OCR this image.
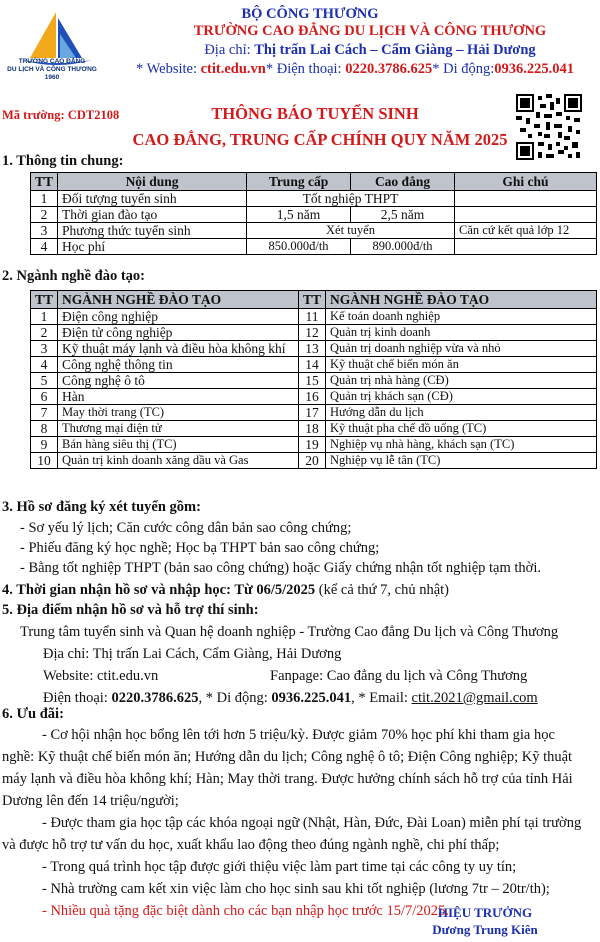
TRƯỜNG CAO ĐẲNG
DU LỊCH VÀ CÔNG THƯƠNG
1960
BỘ CÔNG THƯƠNG
TRƯỜNG CAO ĐẲNG DU LỊCH VÀ CÔNG THƯƠNG
Địa chỉ: Thị trấn Lai Cách – Cẩm Giàng – Hải Dương
* Website: ctit.edu.vn* Điện thoại: 0220.3786.625* Di động:0936.225.041
Mã trường: CDT2108	THÔNG BÁO TUYỂN SINH
CAO ĐẲNG, TRUNG CẤP CHÍNH QUY NĂM 2025
1. Thông tin chung:
TT	Nội dung	Trung cấp	Cao đẳng	Ghi chú
1	Đối tượng tuyển sinh	Tốt nghiệp THPT		
2	Thời gian đào tạo	1,5 năm	2,5 năm	
3	Phương thức tuyển sinh	Xét tuyển		Căn cứ kết quả lớp 12
4	Học phí	850.000đ/th	890.000đ/th	
2. Ngành nghề đào tạo:
TT	NGÀNH NGHỀ ĐÀO TẠO	TT	NGÀNH NGHỀ ĐÀO TẠO
1	Điện công nghiệp	11	Kế toán doanh nghiệp
2	Điện tử công nghiệp	12	Quản trị kinh doanh
3	Kỹ thuật máy lạnh và điều hòa không khí	13	Quản trị doanh nghiệp vừa và nhỏ
4	Công nghệ thông tin	14	Kỹ thuật chế biến món ăn
5	Công nghệ ô tô	15	Quản trị nhà hàng (CĐ)
6	Hàn	16	Quản trị khách sạn (CĐ)
7	May thời trang (TC)	17	Hướng dẫn du lịch
8	Thương mại điện tử	18	Kỹ thuật pha chế đồ uống (TC)
9	Bán hàng siêu thị (TC)	19	Nghiệp vụ nhà hàng, khách sạn (TC)
10	Quản trị kinh doanh xăng dầu và Gas	20	Nghiệp vụ lễ tân (TC)
3. Hồ sơ đăng ký xét tuyển gồm:
- Sơ yếu lý lịch; Căn cước công dân bản sao công chứng;
- Phiếu đăng ký học nghề; Học bạ THPT bản sao công chứng;
- Bằng tốt nghiệp THPT (bản sao công chứng) hoặc Giấy chứng nhận tốt nghiệp tạm thời.
4. Thời gian nhận hồ sơ và nhập học: Từ 06/5/2025 (kể cả thứ 7, chủ nhật)
5. Địa điểm nhận hồ sơ và hỗ trợ thí sinh:
Trung tâm tuyển sinh và Quan hệ doanh nghiệp - Trường Cao đẳng Du lịch và Công Thương
Địa chỉ: Thị trấn Lai Cách, Cẩm Giàng, Hải Dương
Website: ctit.edu.vn	Fanpage: Cao đẳng du lịch và Công Thương
Điện thoại: 0220.3786.625, * Di động: 0936.225.041, * Email: ctit.2021@gmail.com
6. Ưu đãi:
- Cơ hội nhận học bổng lên tới hơn 5 triệu/kỳ. Được giảm 70% học phí khi tham gia học
nghề: Kỹ thuật chế biến món ăn; Hướng dẫn du lịch; Công nghệ ô tô; Điện Công nghiệp; Kỹ thuật
máy lạnh và điều hòa không khí; Hàn; May thời trang. Được hưởng chính sách hỗ trợ của tỉnh Hải
Dương lên đến 14 triệu/người;
- Được tham gia học tập các khóa ngoại ngữ (Nhật, Hàn, Đức, Đài Loan) miễn phí tại trường
và được hỗ trợ tư vấn du học, xuất khẩu lao động theo đúng ngành nghề, chi phí thấp;
- Trong quá trình học tập được giới thiệu việc làm part time tại các công ty uy tín;
- Nhà trường cam kết xin việc làm cho học sinh sau khi tốt nghiệp (lương 7tr – 20tr/th);
- Nhiều quà tặng đặc biệt dành cho các bạn nhập học trước 15/7/2025.
HIỆU TRƯỞNG
Dương Trung Kiên
